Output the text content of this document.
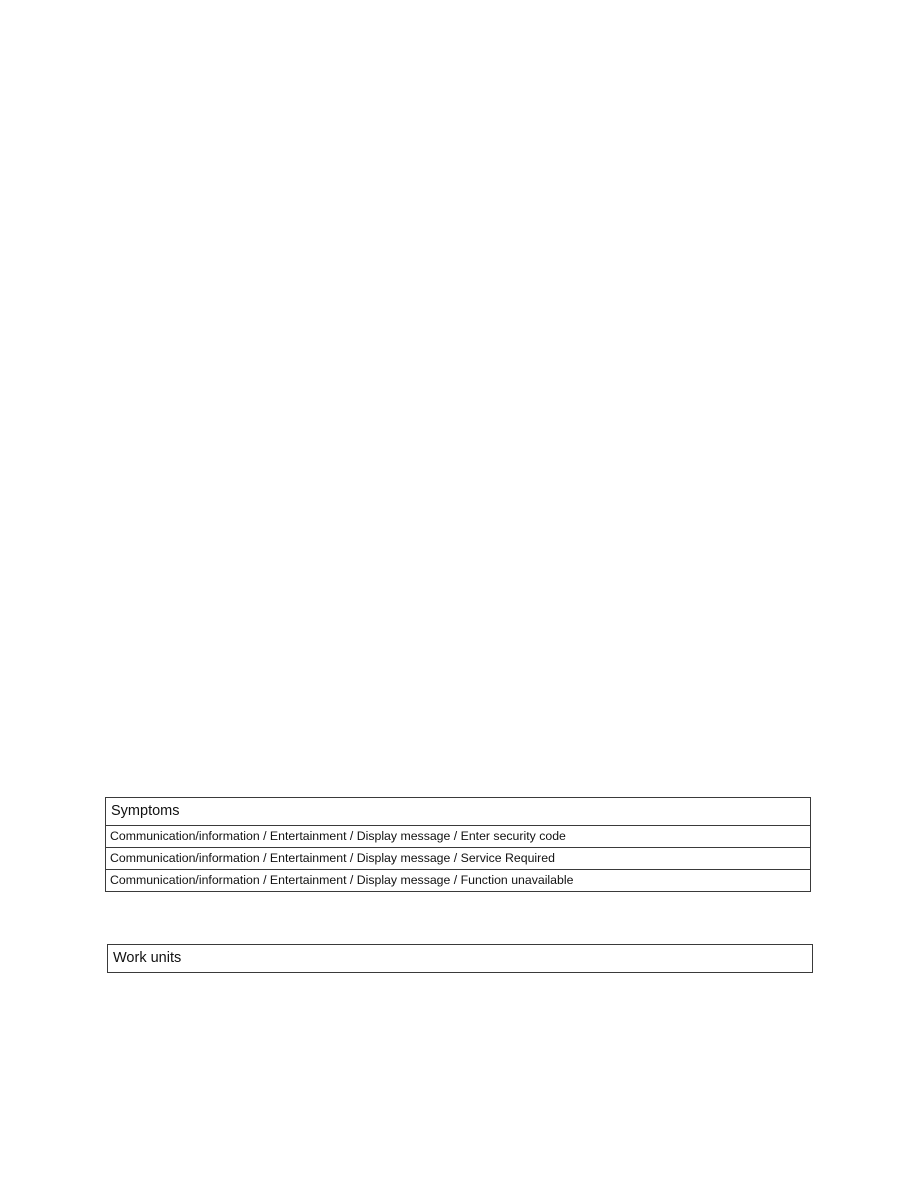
Symptoms

Communication/information / Entertainment / Display message / Enter security code

Communication/information / Entertainment / Display message / Service Required

Communication/information / Entertainment / Display message / Function unavailable
Work units
